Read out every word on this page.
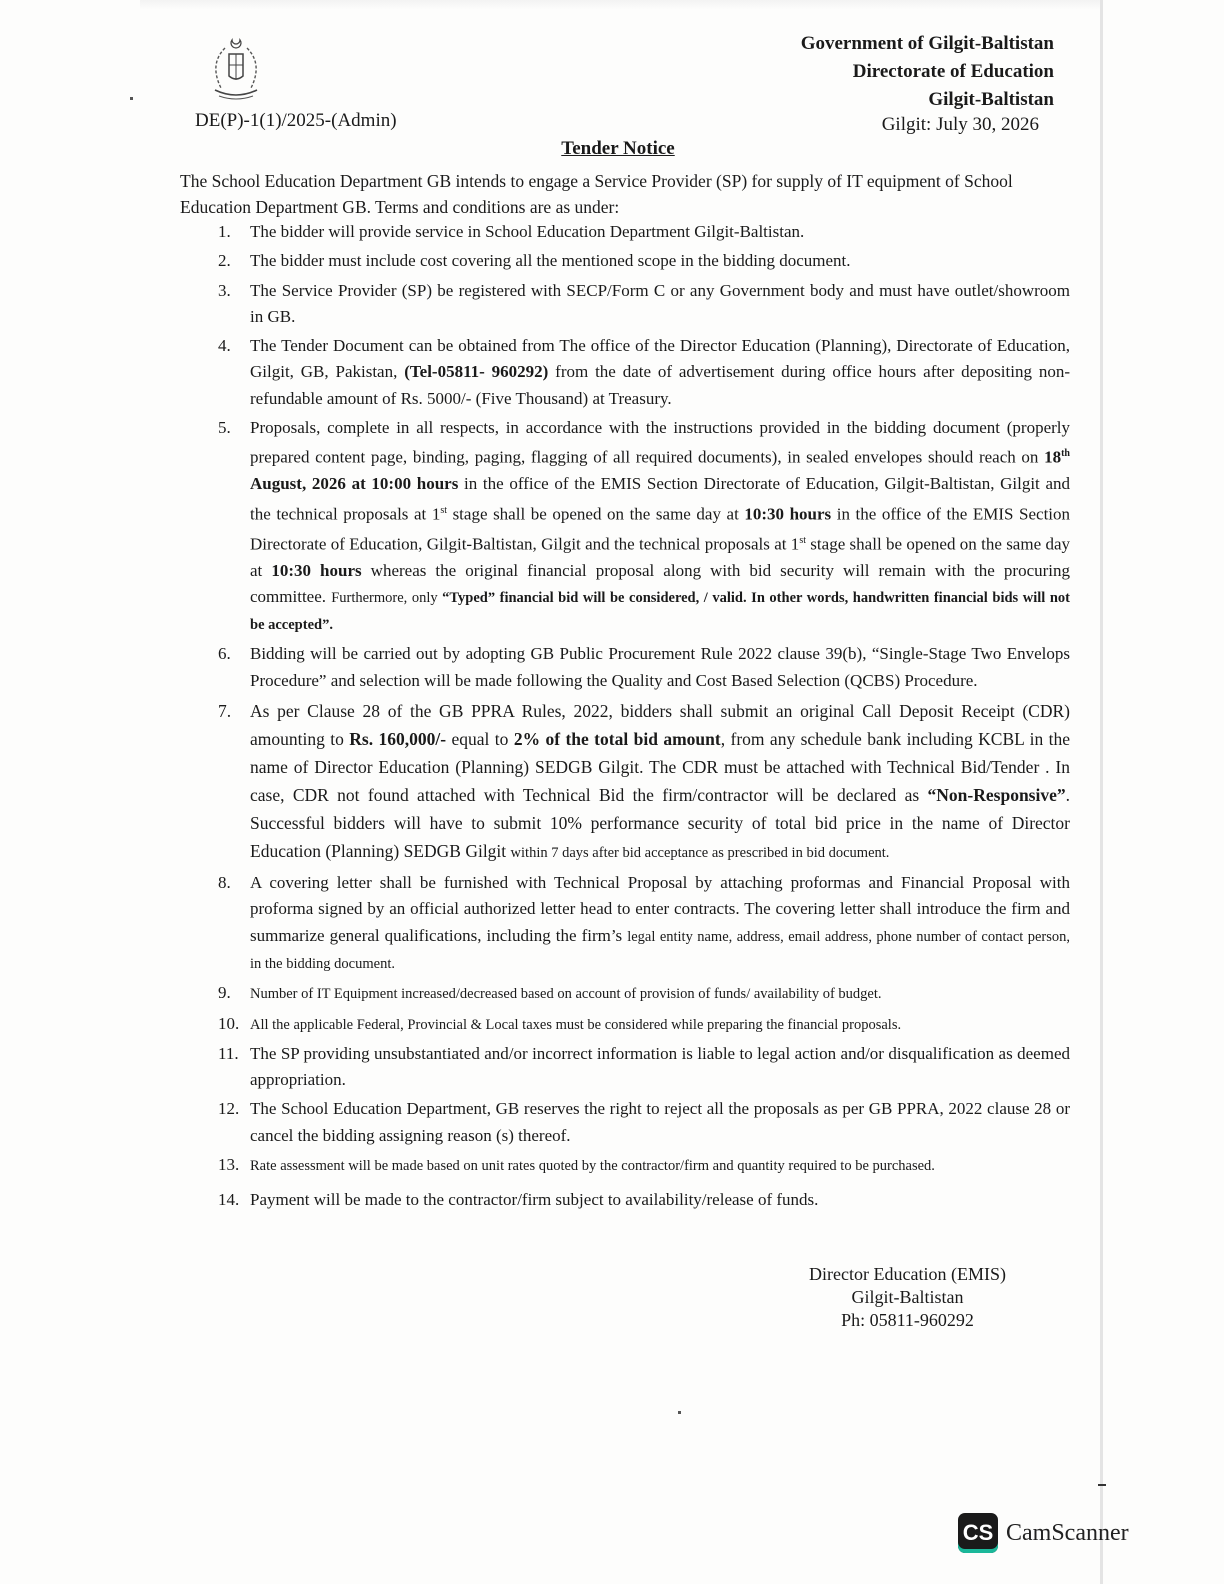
Government of Gilgit-Baltistan
Directorate of Education
Gilgit-Baltistan
DE(P)-1(1)/2025-(Admin)	Gilgit: July 30, 2026
Tender Notice
The School Education Department GB intends to engage a Service Provider (SP) for supply of IT equipment of School Education Department GB. Terms and conditions are as under:
1.	The bidder will provide service in School Education Department Gilgit-Baltistan.
2.	The bidder must include cost covering all the mentioned scope in the bidding document.
3.	The Service Provider (SP) be registered with SECP/Form C or any Government body and must have outlet/showroom in GB.
4.	The Tender Document can be obtained from The office of the Director Education (Planning), Directorate of Education, Gilgit, GB, Pakistan, (Tel-05811- 960292) from the date of advertisement during office hours after depositing non-refundable amount of Rs. 5000/- (Five Thousand) at Treasury.
5.	Proposals, complete in all respects, in accordance with the instructions provided in the bidding document (properly prepared content page, binding, paging, flagging of all required documents), in sealed envelopes should reach on 18th August, 2026 at 10:00 hours in the office of the EMIS Section Directorate of Education, Gilgit-Baltistan, Gilgit and the technical proposals at 1st stage shall be opened on the same day at 10:30 hours in the office of the EMIS Section Directorate of Education, Gilgit-Baltistan, Gilgit and the technical proposals at 1st stage shall be opened on the same day at 10:30 hours whereas the original financial proposal along with bid security will remain with the procuring committee. Furthermore, only “Typed” financial bid will be considered, / valid. In other words, handwritten financial bids will not be accepted”.
6.	Bidding will be carried out by adopting GB Public Procurement Rule 2022 clause 39(b), “Single-Stage Two Envelops Procedure” and selection will be made following the Quality and Cost Based Selection (QCBS) Procedure.
7.	As per Clause 28 of the GB PPRA Rules, 2022, bidders shall submit an original Call Deposit Receipt (CDR) amounting to Rs. 160,000/- equal to 2% of the total bid amount, from any schedule bank including KCBL in the name of Director Education (Planning) SEDGB Gilgit. The CDR must be attached with Technical Bid/Tender . In case, CDR not found attached with Technical Bid the firm/contractor will be declared as “Non-Responsive”. Successful bidders will have to submit 10% performance security of total bid price in the name of Director Education (Planning) SEDGB Gilgit within 7 days after bid acceptance as prescribed in bid document.
8.	A covering letter shall be furnished with Technical Proposal by attaching proformas and Financial Proposal with proforma signed by an official authorized letter head to enter contracts. The covering letter shall introduce the firm and summarize general qualifications, including the firm’s legal entity name, address, email address, phone number of contact person, in the bidding document.
9.	Number of IT Equipment increased/decreased based on account of provision of funds/ availability of budget.
10. All the applicable Federal, Provincial & Local taxes must be considered while preparing the financial proposals.
11. The SP providing unsubstantiated and/or incorrect information is liable to legal action and/or disqualification as deemed appropriation.
12. The School Education Department, GB reserves the right to reject all the proposals as per GB PPRA, 2022 clause 28 or cancel the bidding assigning reason (s) thereof.
13. Rate assessment will be made based on unit rates quoted by the contractor/firm and quantity required to be purchased.
14. Payment will be made to the contractor/firm subject to availability/release of funds.
Director Education (EMIS)
Gilgit-Baltistan
Ph: 05811-960292
CS CamScanner
